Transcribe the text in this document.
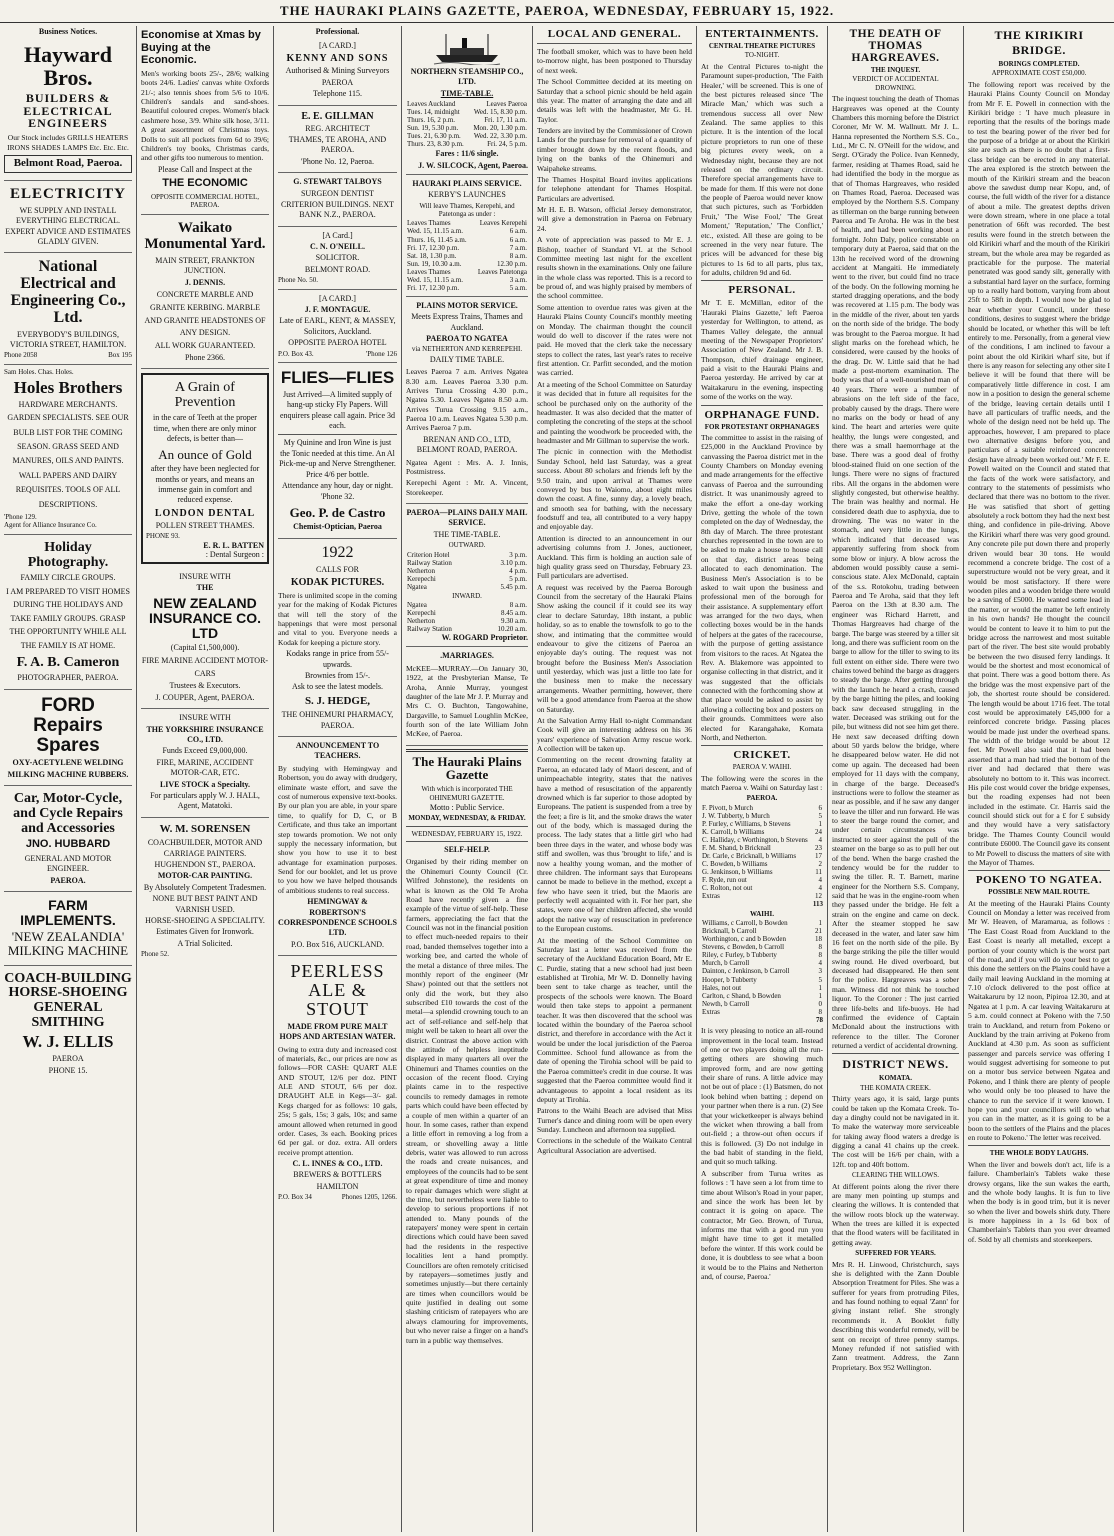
THE HAURAKI PLAINS GAZETTE, PAEROA, WEDNESDAY, FEBRUARY 15, 1922.
Business Notices.
Hayward Bros.
BUILDERS & ELECTRICAL ENGINEERS
Our Stock includes GRILLS HEATERS IRONS SHADES LAMPS Etc. Etc. Etc.
Belmont Road, Paeroa.
ELECTRICITY
WE SUPPLY AND INSTALL EVERYTHING ELECTRICAL. EXPERT ADVICE AND ESTIMATES GLADLY GIVEN.
National Electrical and Engineering Co., Ltd.
EVERYBODY'S BUILDINGS, VICTORIA STREET, HAMILTON.
Phone 2058	Box 195
Sam Holes. Chas. Holes.
Holes Brothers
HARDWARE MERCHANTS.
GARDEN SPECIALISTS. SEE OUR BULB LIST FOR THE COMING SEASON. GRASS SEED AND MANURES, OILS AND PAINTS. WALL PAPERS AND DAIRY REQUISITES. TOOLS OF ALL DESCRIPTIONS.
'Phone 129.
Agent for Alliance Insurance Co.
Holiday Photography.
FAMILY CIRCLE GROUPS.
I AM PREPARED TO VISIT HOMES DURING THE HOLIDAYS AND TAKE FAMILY GROUPS. GRASP THE OPPORTUNITY WHILE ALL THE FAMILY IS AT HOME.
F. A. B. Cameron
PHOTOGRAPHER, PAEROA.
FORD Repairs Spares
OXY-ACETYLENE WELDING
MILKING MACHINE RUBBERS.
Car, Motor-Cycle, and Cycle Repairs and Accessories
JNO. HUBBARD
GENERAL AND MOTOR ENGINEER.
PAEROA.
FARM IMPLEMENTS.
'NEW ZEALANDIA' MILKING MACHINE
COACH-BUILDING HORSE-SHOEING GENERAL SMITHING
W. J. ELLIS
PAEROA
PHONE 15.
Economise at Xmas by Buying at the Economic.
Men's working boots 25/-, 28/6; walking boots 24/6. Ladies' canvas white Oxfords 21/-; also tennis shoes from 5/6 to 10/6. Children's sandals and sand-shoes. Beautiful coloured crepes. Women's black cashmere hose, 3/9. White silk hose, 3/11. A great assortment of Christmas toys. Dolls to suit all pockets from 6d to 39/6; Children's toy books, Christmas cards, and other gifts too numerous to mention.
Please Call and Inspect at the
THE ECONOMIC
OPPOSITE COMMERCIAL HOTEL, PAEROA.
Waikato Monumental Yard.
MAIN STREET, FRANKTON JUNCTION.
J. DENNIS.
CONCRETE MARBLE AND GRANITE KERBING. MARBLE AND GRANITE HEADSTONES OF ANY DESIGN.
ALL WORK GUARANTEED.
Phone 2366.
A Grain of Prevention
in the care of Teeth at the proper time, when there are only minor defects, is better than—
An ounce of Gold
after they have been neglected for months or years, and means an immense gain in comfort and reduced expense.
LONDON DENTAL
POLLEN STREET THAMES.
PHONE 93.
E. R. L. BATTEN
: Dental Surgeon :
INSURE WITH
THE
NEW ZEALAND INSURANCE CO. LTD
(Capital £1,500,000).
FIRE MARINE ACCIDENT MOTOR-CARS
Trustees & Executors.
J. COUPER, Agent, PAEROA.
INSURE WITH
THE YORKSHIRE INSURANCE CO., LTD.
Funds Exceed £9,000,000.
FIRE, MARINE, ACCIDENT MOTOR-CAR, ETC.
LIVE STOCK a Specialty.
For particulars apply W. J. HALL, Agent, Matatoki.
W. M. SORENSEN
COACHBUILDER, MOTOR AND CARRIAGE PAINTERS.
HUGHENDON ST., PAEROA.
MOTOR-CAR PAINTING.
By Absolutely Competent Tradesmen.
NONE BUT BEST PAINT AND VARNISH USED.
HORSE-SHOEING A SPECIALITY.
Estimates Given for Ironwork.
A Trial Solicited.
Phone 52.
Professional.
[A CARD.]
KENNY AND SONS
Authorised & Mining Surveyors
PAEROA
Telephone 115.
E. E. GILLMAN
REG. ARCHITECT
THAMES, TE AROHA, AND PAEROA.
'Phone No. 12, Paeroa.
G. STEWART TALBOYS
SURGEON DENTIST
CRITERION BUILDINGS. NEXT BANK N.Z., PAEROA.
[A Card.]
C. N. O'NEILL.
SOLICITOR.
BELMONT ROAD.
Phone No. 50.
[A CARD.]
J. F. MONTAGUE.
Late of EARL, KENT, & MASSEY, Solicitors, Auckland.
OPPOSITE PAEROA HOTEL
P.O. Box 43.	'Phone 126
FLIES—FLIES
Just Arrived—A limited supply of hang-up sticky Fly Papers. Will enquirers please call again. Price 3d each.
My Quinine and Iron Wine is just the Tonic needed at this time. An Al Pick-me-up and Nerve Strengthener. Price 4/6 per bottle.
Attendance any hour, day or night.
'Phone 32.
Geo. P. de Castro
Chemist-Optician, Paeroa
1922
CALLS FOR
KODAK PICTURES.
There is unlimited scope in the coming year for the making of Kodak Pictures that will tell the story of the happenings that were most personal and vital to you. Everyone needs a Kodak for keeping a picture story.
Kodaks range in price from 55/- upwards.
Brownies from 15/-.
Ask to see the latest models.
S. J. HEDGE,
THE OHINEMURI PHARMACY, PAEROA.
ANNOUNCEMENT TO TEACHERS.
By studying with Hemingway and Robertson, you do away with drudgery, eliminate waste effort, and save the cost of numerous expensive text-books. By our plan you are able, in your spare time, to qualify for D, C, or B Certificate, and thus take an important step towards promotion. We not only supply the necessary information, but show you how to use it to best advantage for examination purposes. Send for our booklet, and let us prove to you how we have helped thousands of ambitious students to real success.
HEMINGWAY & ROBERTSON'S CORRESPONDENCE SCHOOLS LTD.
P.O. Box 516, AUCKLAND.
PEERLESS ALE & STOUT
MADE FROM PURE MALT HOPS AND ARTESIAN WATER.
Owing to extra duty and increased cost of materials, &c., our prices are now as follows—FOR CASH: QUART ALE AND STOUT, 12/6 per doz. PINT ALE AND STOUT, 6/6 per doz. DRAUGHT ALE in Kegs—3/- gal. Kegs charged for as follows: 10 gals, 25s; 5 gals, 15s; 3 gals, 10s; and same amount allowed when returned in good order. Cases, 3s each. Booking prices 6d per gal. or doz. extra. All orders receive prompt attention.
C. L. INNES & CO., LTD.
BREWERS & BOTTLERS
HAMILTON
P.O. Box 34	Phones 1205, 1266.
NORTHERN STEAMSHIP CO., LTD.
TIME-TABLE.
Leaves Auckland	Leaves Paeroa
Tues. 14, midnight	Wed. 15, 8.30 p.m.
Thurs. 16, 2 p.m.	Fri. 17, 11 a.m.
Sun. 19, 5.30 p.m.	Mon. 20, 1.30 p.m.
Tues. 21, 6.30 p.m.	Wed. 22, 3.30 p.m.
Thurs. 23, 8.30 p.m.	Fri. 24, 5 p.m.
Fares : 11/6 single.
J. W. SILCOCK, Agent, Paeroa.
HAURAKI PLAINS SERVICE.
KERBY'S LAUNCHES
Will leave Thames, Kerepehi, and Patetonga as under :
Leaves Thames	Leaves Kerepehi
Wed. 15, 11.15 a.m.	6 a.m.
Thurs. 16, 11.45 a.m.	6 a.m.
Fri. 17, 12.30 p.m.	7 a.m.
Sat. 18, 1.30 p.m.	8 a.m.
Sun. 19, 10.30 a.m.	12.30 p.m.
Leaves Thames	Leaves Patetonga
Wed. 15, 11.15 a.m.	3 a.m.
Fri. 17, 12.30 p.m.	5 a.m.
PLAINS MOTOR SERVICE.
Meets Express Trains, Thames and Auckland.
PAEROA TO NGATEA
via NETHERTON AND KERREPEHI.
DAILY TIME TABLE.
Leaves Paeroa 7 a.m. Arrives Ngatea 8.30 a.m. Leaves Paeroa 3.30 p.m. Arrives Turua Crossing 4.30 p.m., Ngatea 5.30. Leaves Ngatea 8.50 a.m. Arrives Turua Crossing 9.15 a.m., Paeroa 10 a.m. Leaves Ngatea 5.30 p.m. Arrives Paeroa 7 p.m.
BRENAN AND CO., LTD, BELMONT ROAD, PAEROA.
Ngatea Agent : Mrs. A. J. Innis, Postmistress.
Kerepechi Agent : Mr. A. Vincent, Storekeeper.
PAEROA—PLAINS DAILY MAIL SERVICE.
THE TIME-TABLE.
OUTWARD.
Criterion Hotel	3 p.m.
Railway Station	3.10 p.m.
Netherton	4 p.m.
Kerepechi	5 p.m.
Ngatea	5.45 p.m.
INWARD.
Ngatea	8 a.m.
Kerepechi	8.45 a.m.
Netherton	9.30 a.m.
Railway Station	10.20 a.m.
W. ROGARD Proprietor.
.MARRIAGES.
McKEE—MURRAY.—On January 30, 1922, at the Presbyterian Manse, Te Aroha, Annie Murray, youngest daughter of the late Mr J. P. Murray and Mrs C. O. Buchton, Tangowahine, Dargaville, to Samuel Loughlin McKee, fourth son of the late William John McKee, of Paeroa.
The Hauraki Plains Gazette
With which is incorporated THE OHINEMURI GAZETTE.
Motto : Public Service.
MONDAY, WEDNESDAY, & FRIDAY.
WEDNESDAY, FEBRUARY 15, 1922.
SELF-HELP.
Organised by their riding member on the Ohinemuri County Council (Cr. Wilfred Johnstone), the residents on what is known as the Old Te Aroha Road have recently given a fine example of the virtue of self-help. These farmers, appreciating the fact that the Council was not in the financial position to effect much-needed repairs to their road, banded themselves together into a working bee, and carted the whole of the metal a distance of three miles. The monthly report of the engineer (Mr Shaw) pointed out that the settlers not only did the work, but they also subscribed £10 towards the cost of the metal—a splendid crowning touch to an act of self-reliance and self-help that might well be taken to heart all over the district. Contrast the above action with the attitude of helpless ineptitude displayed in many quarters all over the Ohinemuri and Thames counties on the occasion of the recent flood. Crying plaints came in to the respective councils to remedy damages in remote parts which could have been effected by a couple of men within a quarter of an hour. In some cases, rather than expend a little effort in removing a log from a stream, or shovelling away a little debris, water was allowed to run across the roads and create nuisances, and employees of the councils had to be sent at great expenditure of time and money to repair damages which were slight at the time, but nevertheless were liable to develop to serious proportions if not attended to. Many pounds of the ratepayers' money were spent in certain directions which could have been saved had the residents in the respective localities lent a hand promptly. Councillors are often remotely criticised by ratepayers—sometimes justly and sometimes unjustly—but there certainly are times when councillors would be quite justified in dealing out some slashing criticism of ratepayers who are always clamouring for improvements, but who never raise a finger on a hand's turn in a public way themselves.
LOCAL AND GENERAL.
The football smoker, which was to have been held to-morrow night, has been postponed to Thursday of next week.
The School Committee decided at its meeting on Saturday that a school picnic should be held again this year. The matter of arranging the date and all details was left with the headmaster, Mr G. H. Taylor.
Tenders are invited by the Commissioner of Crown Lands for the purchase for removal of a quantity of timber brought down by the recent floods, and lying on the banks of the Ohinemuri and Waipaheke streams.
The Thames Hospital Board invites applications for telephone attendant for Thames Hospital. Particulars are advertised.
Mr H. E. B. Watson, official Jersey demonstrator, will give a demonstration in Paeroa on February 24.
A vote of appreciation was passed to Mr E. J. Bishop, teacher of Standard VI. at the School Committee meeting last night for the excellent results shown in the examinations. Only one failure in the whole class was reported. This is a record to be proud of, and was highly praised by members of the school committee.
Some attention to overdue rates was given at the Hauraki Plains County Council's monthly meeting on Monday. The chairman thought the council would do well to discover if the rates were not paid. He moved that the clerk take the necessary steps to collect the rates, last year's rates to receive first attention. Cr. Parfitt seconded, and the motion was carried.
At a meeting of the School Committee on Saturday it was decided that in future all requisites for the school be purchased only on the authority of the headmaster. It was also decided that the matter of completing the concreting of the steps at the school and painting the woodwork be proceeded with, the headmaster and Mr Gillman to supervise the work.
The picnic in connection with the Methodist Sunday School, held last Saturday, was a great success. About 80 scholars and friends left by the 9.50 train, and upon arrival at Thames were conveyed by bus to Waiomo, about eight miles down the coast. A fine, sunny day, a lovely beach, and smooth sea for bathing, with the necessary foodstuff and tea, all contributed to a very happy and enjoyable day.
Attention is directed to an announcement in our advertising columns from J. Jones, auctioneer, Auckland. This firm is holding an auction sale of high quality grass seed on Thursday, February 23. Full particulars are advertised.
A request was received by the Paeroa Borough Council from the secretary of the Hauraki Plains Show asking the council if it could see its way clear to declare Saturday, 18th instant, a public holiday, so as to enable the townsfolk to go to the show, and intimating that the committee would endeavour to give the citizens of Paeroa an enjoyable day's outing. The request was not brought before the Business Men's Association until yesterday, which was just a little too late for the business men to make the necessary arrangements. Weather permitting, however, there will be a good attendance from Paeroa at the show on Saturday.
At the Salvation Army Hall to-night Commandant Cook will give an interesting address on his 36 years' experience of Salvation Army rescue work. A collection will be taken up.
Commenting on the recent drowning fatality at Paeroa, an educated lady of Maori descent, and of unimpeachable integrity, states that the natives have a method of resuscitation of the apparently drowned which is far superior to those adopted by Europeans. The patient is suspended from a tree by the feet; a fire is lit, and the smoke draws the water out of the body, which is massaged during the process. The lady states that a little girl who had been three days in the water, and whose body was stiff and swollen, was thus 'brought to life,' and is now a healthy young woman, and the mother of three children. The informant says that Europeans cannot be made to believe in the method, except a few who have seen it tried, but the Maoris are perfectly well acquainted with it. For her part, she states, were one of her children affected, she would adopt the native way of resuscitation in preference to the European customs.
At the meeting of the School Committee on Saturday last a letter was received from the secretary of the Auckland Education Board, Mr E. C. Purdie, stating that a new school had just been established at Tirohia, Mr W. D. Donnelly having been sent to take charge as teacher, until the prospects of the schools were known. The Board would then take steps to appoint a permanent teacher. It was then discovered that the school was located within the boundary of the Paeroa school district, and therefore in accordance with the Act it would be under the local jurisdiction of the Paeroa Committee. School fund allowance as from the date of opening the Tirohia school will be paid to the Paeroa committee's credit in due course. It was suggested that the Paeroa committee would find it advantageous to appoint a local resident as its deputy at Tirohia.
Patrons to the Waihi Beach are advised that Miss Turner's dance and dining room will be open every Sunday. Luncheon and afternoon tea supplied.
Corrections in the schedule of the Waikato Central Agricultural Association are advertised.
ENTERTAINMENTS.
CENTRAL THEATRE PICTURES
TO-NIGHT.
At the Central Pictures to-night the Paramount super-production, 'The Faith Healer,' will be screened. This is one of the best pictures released since 'The Miracle Man,' which was such a tremendous success all over New Zealand. The same applies to this picture. It is the intention of the local picture proprietors to run one of these big pictures every week, on a Wednesday night, because they are not released on the ordinary circuit. Therefore special arrangements have to be made for them. If this were not done the people of Paeroa would never know that such pictures, such as 'Forbidden Fruit,' 'The Wise Fool,' 'The Great Moment,' 'Reputation,' 'The Conflict,' etc., existed. All these are going to be screened in the very near future. The prices will be advanced for these big pictures to 1s 6d to all parts, plus tax, for adults, children 9d and 6d.
PERSONAL.
Mr T. E. McMillan, editor of the 'Hauraki Plains Gazette,' left Paeroa yesterday for Wellington, to attend, as Thames Valley delegate, the annual meeting of the Newspaper Proprietors' Association of New Zealand. Mr J. B. Thompson, chief drainage engineer, paid a visit to the Hauraki Plains and Paeroa yesterday. He arrived by car at Waitakaruru in the evening, inspecting some of the works on the way.
ORPHANAGE FUND.
FOR PROTESTANT ORPHANAGES
The committee to assist in the raising of £25,000 in the Auckland Province by canvassing the Paeroa district met in the County Chambers on Monday evening and made arrangements for the effective canvass of Paeroa and the surrounding district. It was unanimously agreed to make the effort a one-day working Drive, getting the whole of the town completed on the day of Wednesday, the 8th day of March. The three protestant churches represented in the town are to be asked to make a house to house call on that day, district areas being allocated to each denomination. The Business Men's Association is to be asked to wait upon the business and professional men of the borough for their assistance. A supplementary effort was arranged for the two days, when collecting boxes would be in the hands of helpers at the gates of the racecourse, with the purpose of getting assistance from visitors to the races. At Ngatea the Rev. A. Blakemore was appointed to organise collecting in that district, and it was suggested that the officials connected with the forthcoming show at that place would be asked to assist by allowing a collecting box and posters on their grounds. Committees were also elected for Karangahake, Komata North, and Netherton.
CRICKET.
PAEROA V. WAIHI.
The following were the scores in the match Paeroa v. Waihi on Saturday last :
PAEROA.
F. Pivott, b Murch	6
J. W. Tubberty, b Murch	5
P. Furley, c Williams, b Stevens	1
K. Carroll, b Williams	24
C. Halliday, c Worthington, b Stevens	4
F. M. Shand, b Bricknall	23
Dr. Carle, c Bricknall, b Williams	17
C. Bowden, b Williams	2
G. Jenkinson, b Williams	11
F. Ryde, run out	4
C. Rolton, not out	4
Extras	12
113
WAIHI.
Williams, c Carroll, b Bowden	1
Bricknall, b Carroll	21
Worthington, c and b Bowden	18
Stevens, c Bowden, b Carroll	8
Riley, c Furley, b Tubberty	8
Murch, b Carroll	4
Dainton, c Jenkinson, b Carroll	3
Hooper, b Tubberty	5
Hales, not out	1
Carlton, c Shand, b Bowden	1
Newth, b Carroll	0
Extras	8
78
It is very pleasing to notice an all-round improvement in the local team. Instead of one or two players doing all the run-getting others are showing much improved form, and are now getting their share of runs. A little advice may not be out of place : (1) Batsmen, do not look behind when batting ; depend on your partner when there is a run. (2) See that your wicketkeeper is always behind the wicket when throwing a ball from out-field ; a throw-out often occurs if this is followed. (3) Do not indulge in the bad habit of standing in the field, and quit so much talking.
A subscriber from Turua writes as follows : 'I have seen a lot from time to time about Wilson's Road in your paper, and since the work has been let by contract it is going on apace. The contractor, Mr Geo. Brown, of Turua, informs me that with a good run you might have time to get it metalled before the winter. If this work could be done, it is doubtless to see what a boon it would be to the Plains and Netherton and, of course, Paeroa.'
THE DEATH OF THOMAS HARGREAVES.
THE INQUEST.
VERDICT OF ACCIDENTAL DROWNING.
The inquest touching the death of Thomas Hargreaves was opened at the County Chambers this morning before the District Coroner, Mr W. M. Wallnutt. Mr J. L. Hanna represented the Northern S.S. Co., Ltd., Mr C. N. O'Neill for the widow, and Sergt. O'Grady the Police. Ivan Kennedy, farmer, residing at Thames Road, said he had identified the body in the morgue as that of Thomas Hargreaves, who resided on Thames Road, Paeroa. Deceased was employed by the Northern S.S. Company as tillerman on the barge running between Paeroa and Te Aroha. He was in the best of health, and had been working about a fortnight. John Daly, police constable on temporary duty at Paeroa, said that on the 13th he received word of the drowning accident at Mangaiti. He immediately went to the river, but could find no trace of the body. On the following morning he started dragging operations, and the body was recovered at 1.15 p.m. The body was in the middle of the river, about ten yards on the north side of the bridge. The body was brought to the Paeroa morgue. It had slight marks on the forehead which, he considered, were caused by the hooks of the drag. Dr. W. Little said that he had made a post-mortem examination. The body was that of a well-nourished man of 40 years. There were a number of abrasions on the left side of the face, probably caused by the drags. There were no marks on the body or head of any kind. The heart and arteries were quite healthy, the lungs were congested, and there was a small haemorrhage at the base. There was a good deal of frothy blood-stained fluid on one section of the lungs. There were no signs of fractured ribs. All the organs in the abdomen were slightly congested, but otherwise healthy. The brain was healthy and normal. He considered death due to asphyxia, due to drowning. The was no water in the stomach, and very little in the lungs, which indicated that deceased was apparently suffering from shock from some blow or injury. A blow across the abdomen would possibly cause a semi-conscious state. Alex McDonald, captain of the s.s. Rotokohu, trading between Paeroa and Te Aroha, said that they left Paeroa on the 13th at 8.30 a.m. The engineer was Richard Harrett, and Thomas Hargreaves had charge of the barge. The barge was steered by a tiller sit long, and there was sufficient room on the barge to allow for the tiller to swing to its full extent on either side. There were two chains towed behind the barge as draggers to steady the barge. After getting through with the launch he heard a crash, caused by the barge hitting the piles, and looking back saw deceased struggling in the water. Deceased was striking out for the pile, but witness did not see him get there. He next saw deceased drifting down about 50 yards below the bridge, where he disappeared below water. He did not come up again. The deceased had been employed for 11 days with the company, in charge of the barge. Deceased's instructions were to follow the steamer as near as possible, and if he saw any danger to leave the tiller and run forward. He was to steer the barge round the corner, and under certain circumstances was instructed to steer against the pull of the steamer on the barge so as to pull her out of the bend. When the barge crashed the tendency would be for the rudder to swing the tiller. R. T. Barnett, marine engineer for the Northern S.S. Company, said that he was in the engine-room when they passed under the bridge. He felt a strain on the engine and came on deck. After the steamer stopped he saw deceased in the water, and later saw him 16 feet on the north side of the pile. By the barge striking the pile the tiller would swing round. He dived overboard, but deceased had disappeared. He then sent for the police. Hargreaves was a sober man. Witness did not think he touched liquor. To the Coroner : The just carried three life-belts and life-buoys. He had confirmed the evidence of Captain McDonald about the instructions with reference to the tiller. The Coroner returned a verdict of accidental drowning.
DISTRICT NEWS.
KOMATA.
THE KOMATA CREEK.
Thirty years ago, it is said, large punts could be taken up the Komata Creek. To-day a dinghy could not be navigated in it. To make the waterway more serviceable for taking away flood waters a dredge is digging a canal 41 chains up the creek. The cost will be 16/6 per chain, with a 12ft. top and 40ft bottom.
CLEARING THE WILLOWS.
At different points along the river there are many men pointing up stumps and clearing the willows. It is contended that the willow roots block up the waterway. When the trees are killed it is expected that the flood waters will be facilitated in getting away.
SUFFERED FOR YEARS.
Mrs R. H. Linwood, Christchurch, says she is delighted with the Zann Double Absorption Treatment for Piles. She was a sufferer for years from protruding Piles, and has found nothing to equal 'Zann' for giving instant relief. She strongly recommends it. A Booklet fully describing this wonderful remedy, will be sent on receipt of three penny stamps. Money refunded if not satisfied with Zann treatment. Address, the Zann Proprietary. Box 952 Wellington.
THE KIRIKIRI BRIDGE.
BORINGS COMPLETED.
APPROXIMATE COST £50,000.
The following report was received by the Hauraki Plains County Council on Monday from Mr F. E. Powell in connection with the Kirikiri bridge : 'I have much pleasure in reporting that the results of the borings made to test the bearing power of the river bed for the purpose of a bridge at or about the Kirikiri site are such as there is no doubt that a first-class bridge can be erected in any material. The area explored is the stretch between the mouth of the Kirikiri stream and the beacon above the sawdust dump near Kopu, and, of course, the full width of the river for a distance of about a mile. The greatest depths driven were down stream, where in one place a total penetration of 66ft was recorded. The best results were found in the stretch between the old Kirikiri wharf and the mouth of the Kirikiri stream, but the whole area may be regarded as practicable for the purpose. The material penetrated was good sandy silt, generally with a substantial hard layer on the surface, forming up to a really hard bottom, varying from about 25ft to 58ft in depth. I would now be glad to hear whether your Council, under these conditions, desires to suggest where the bridge should be located, or whether this will be left entirely to me. Personally, from a general view of the conditions, I am inclined to favour a point about the old Kirikiri wharf site, but if there is any reason for selecting any other site I believe it will be found that there will be comparatively little difference in cost. I am now in a position to design the general scheme of the bridge, leaving certain details until I have all particulars of traffic needs, and the whole of the design need not be held up. The approaches, however, I am prepared to place two alternative designs before you, and particulars of a suitable reinforced concrete design have already been worked out.' Mr F. E. Powell waited on the Council and stated that the facts of the work were satisfactory, and contrary to the statements of pessimists who declared that there was no bottom to the river. He was satisfied that short of getting absolutely a rock bottom they had the next best thing, and confidence in pile-driving. Above the Kirikiri wharf there was very good ground. Any concrete pile put down there and properly driven would bear 30 tons. He would recommend a concrete bridge. The cost of a superstructure would not be very great, and it would be most satisfactory. If there were wooden piles and a wooden bridge there would be a saving of £5000. He wanted some lead in the matter, or would the matter be left entirely in his own hands? He thought the council would be content to leave it to him to put the bridge across the narrowest and most suitable part of the river. The best site would probably be between the two disused ferry landings. It would be the shortest and most economical of that point. There was a good bottom there. As the bridge was the most expensive part of the job, the shortest route should be considered. The length would be about 1716 feet. The total cost would be approximately £45,000 for a reinforced concrete bridge. Passing places would be made just under the overhead spans. The width of the bridge would be about 12 feet. Mr Powell also said that it had been asserted that a man had tried the bottom of the river and had declared that there was absolutely no bottom to it. This was incorrect. His pile cost would cover the bridge expenses, but the roading expenses had not been included in the estimate. Cr. Harris said the council should stick out for a £ for £ subsidy and they would have a very satisfactory bridge. The Thames County Council would contribute £6000. The Council gave its consent to Mr Powell to discuss the matters of site with the Mayor of Thames.
POKENO TO NGATEA.
POSSIBLE NEW MAIL ROUTE.
At the meeting of the Hauraki Plains County Council on Monday a letter was received from Mr W. Heaven, of Maramarua, as follows : 'The East Coast Road from Auckland to the East Coast is nearly all metalled, except a portion of your county which is the worst part of the road, and if you will do your best to get this done the settlers on the Plains could have a daily mail leaving Auckland in the morning at 7.10 o'clock delivered to the post office at Waitakaruru by 12 noon, Pipiroa 12.30, and at Ngatea at 1 p.m. A car leaving Waitakaruru at 5 a.m. could connect at Pokeno with the 7.50 train to Auckland, and return from Pokeno or Auckland by the train arriving at Pokeno from Auckland at 4.30 p.m. As soon as sufficient passenger and parcels service was offering I would suggest advertising for someone to put on a motor bus service between Ngatea and Pokeno, and I think there are plenty of people who would only be too pleased to have the chance to run the service if it were known. I hope you and your councillors will do what you can in the matter, as it is going to be a boon to the settlers of the Plains and the places en route to Pokeno.' The letter was received.
THE WHOLE BODY LAUGHS.
When the liver and bowels don't act, life is a failure. Chamberlain's Tablets wake these drowsy organs, like the sun wakes the earth, and the whole body laughs. It is fun to live when the body is in good trim, but it is never so when the liver and bowels shirk duty. There is more happiness in a 1s 6d box of Chamberlain's Tablets than you ever dreamed of. Sold by all chemists and storekeepers.
